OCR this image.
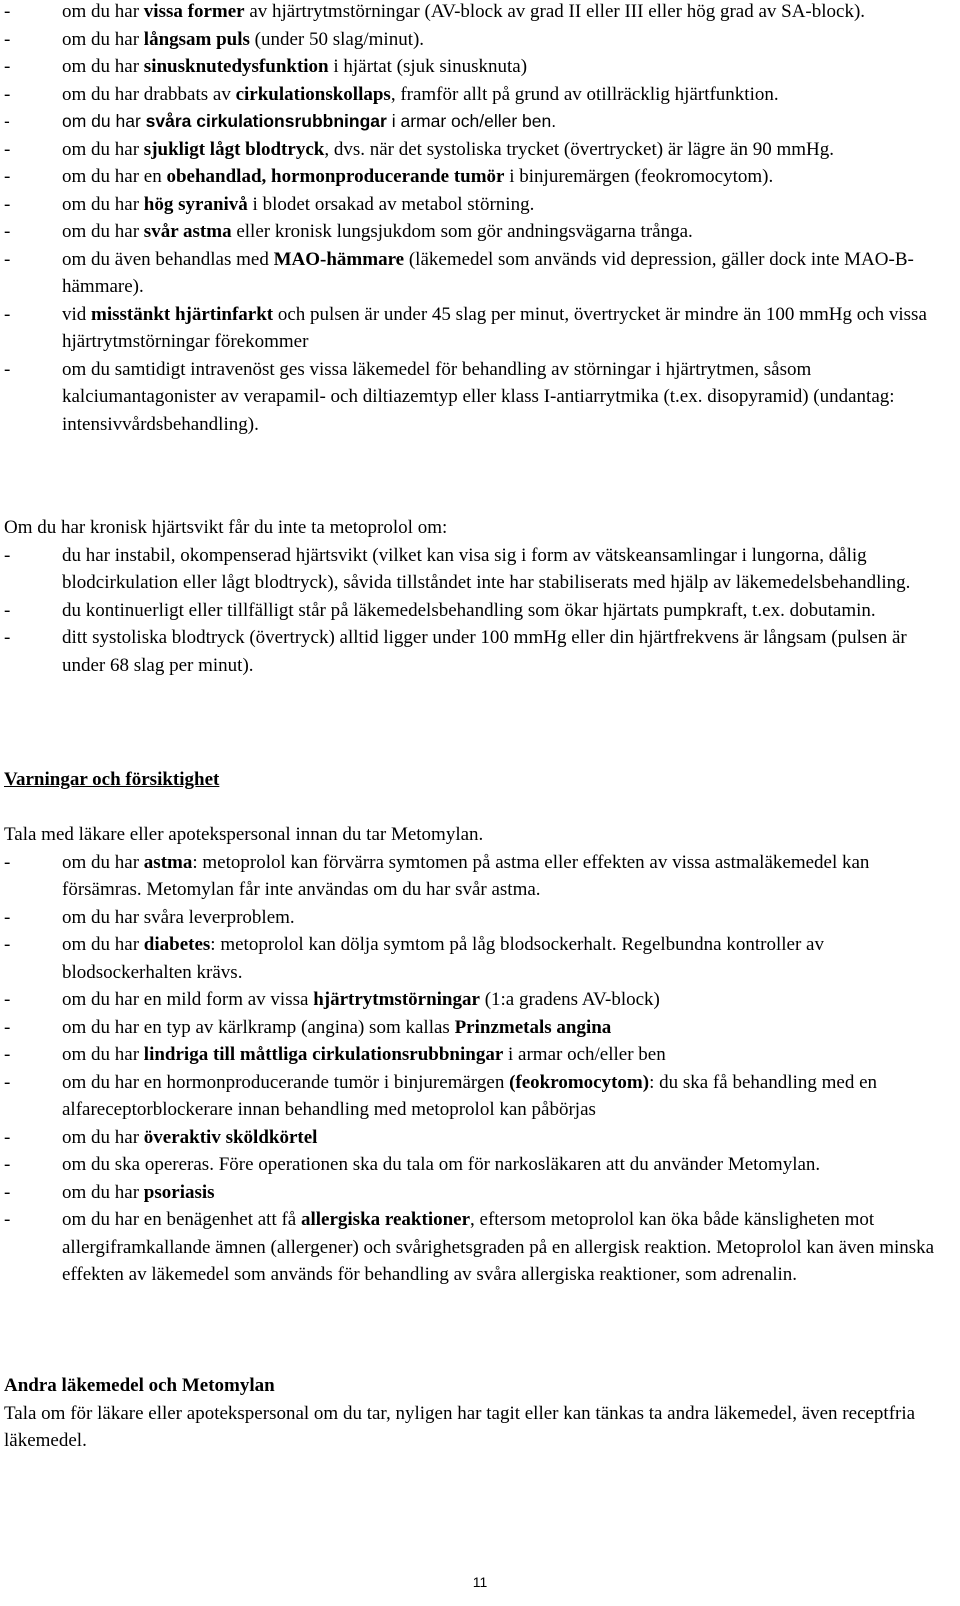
-	om du har vissa former av hjärtrytmstörningar (AV-block av grad II eller III eller hög grad av SA-block).
-	om du har långsam puls (under 50 slag/minut).
-	om du har sinusknutedysfunktion i hjärtat (sjuk sinusknuta)
-	om du har drabbats av cirkulationskollaps, framför allt på grund av otillräcklig hjärtfunktion.
-	om du har svåra cirkulationsrubbningar i armar och/eller ben.
-	om du har sjukligt lågt blodtryck, dvs. när det systoliska trycket (övertrycket) är lägre än 90 mmHg.
-	om du har en obehandlad, hormonproducerande tumör i binjuremärgen (feokromocytom).
-	om du har hög syranivå i blodet orsakad av metabol störning.
-	om du har svår astma eller kronisk lungsjukdom som gör andningsvägarna trånga.
-	om du även behandlas med MAO-hämmare (läkemedel som används vid depression, gäller dock inte MAO-B-hämmare).
-	vid misstänkt hjärtinfarkt och pulsen är under 45 slag per minut, övertrycket är mindre än 100 mmHg och vissa hjärtrytmstörningar förekommer
-	om du samtidigt intravenöst ges vissa läkemedel för behandling av störningar i hjärtrytmen, såsom kalciumantagonister av verapamil- och diltiazemtyp eller klass I-antiarrytmika (t.ex. disopyramid) (undantag: intensivvårdsbehandling).
Om du har kronisk hjärtsvikt får du inte ta metoprolol om:
-	du har instabil, okompenserad hjärtsvikt (vilket kan visa sig i form av vätskeansamlingar i lungorna, dålig blodcirkulation eller lågt blodtryck), såvida tillståndet inte har stabiliserats med hjälp av läkemedelsbehandling.
-	du kontinuerligt eller tillfälligt står på läkemedelsbehandling som ökar hjärtats pumpkraft, t.ex. dobutamin.
-	ditt systoliska blodtryck (övertryck) alltid ligger under 100 mmHg eller din hjärtfrekvens är långsam (pulsen är under 68 slag per minut).
Varningar och försiktighet
Tala med läkare eller apotekspersonal innan du tar Metomylan.
-	om du har astma: metoprolol kan förvärra symtomen på astma eller effekten av vissa astmaläkemedel kan försämras. Metomylan får inte användas om du har svår astma.
-	om du har svåra leverproblem.
-	om du har diabetes: metoprolol kan dölja symtom på låg blodsockerhalt. Regelbundna kontroller av blodsockerhalten krävs.
-	om du har en mild form av vissa hjärtrytmstörningar (1:a gradens AV-block)
-	om du har en typ av kärlkramp (angina) som kallas Prinzmetals angina
-	om du har lindriga till måttliga cirkulationsrubbningar i armar och/eller ben
-	om du har en hormonproducerande tumör i binjuremärgen (feokromocytom): du ska få behandling med en alfareceptorblockerare innan behandling med metoprolol kan påbörjas
-	om du har överaktiv sköldkörtel
-	om du ska opereras. Före operationen ska du tala om för narkosläkaren att du använder Metomylan.
-	om du har psoriasis
-	om du har en benägenhet att få allergiska reaktioner, eftersom metoprolol kan öka både känsligheten mot allergiframkallande ämnen (allergener) och svårighetsgraden på en allergisk reaktion. Metoprolol kan även minska effekten av läkemedel som används för behandling av svåra allergiska reaktioner, som adrenalin.
Andra läkemedel och Metomylan
Tala om för läkare eller apotekspersonal om du tar, nyligen har tagit eller kan tänkas ta andra läkemedel, även receptfria läkemedel.
11
